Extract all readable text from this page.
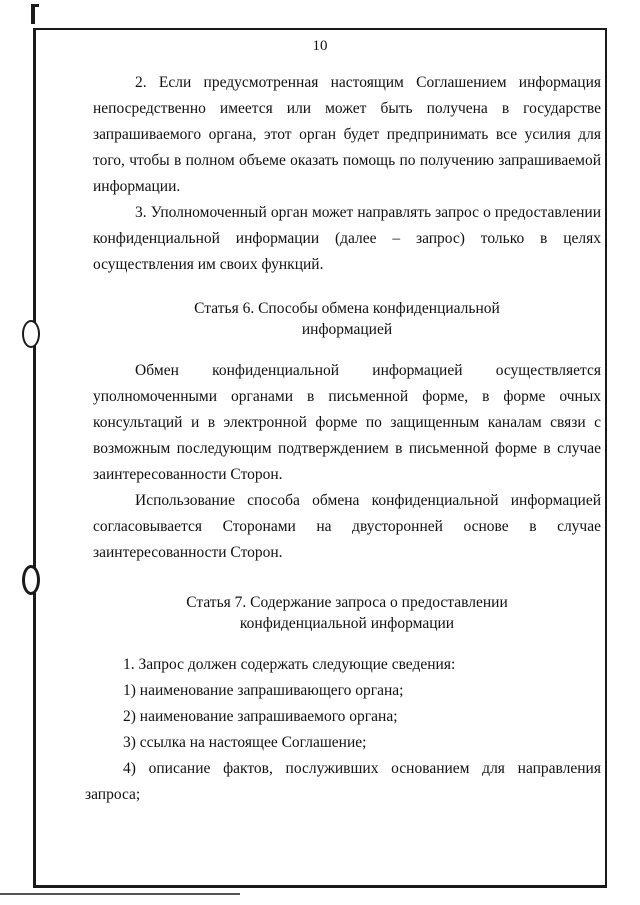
10

2. Если предусмотренная настоящим Соглашением информация непосредственно имеется или может быть получена в государстве запрашиваемого органа, этот орган будет предпринимать все усилия для того, чтобы в полном объеме оказать помощь по получению запрашиваемой информации.

3. Уполномоченный орган может направлять запрос о предоставлении конфиденциальной информации (далее – запрос) только в целях осуществления им своих функций.

Статья 6. Способы обмена конфиденциальной информацией

Обмен конфиденциальной информацией осуществляется уполномоченными органами в письменной форме, в форме очных консультаций и в электронной форме по защищенным каналам связи с возможным последующим подтверждением в письменной форме в случае заинтересованности Сторон.

Использование способа обмена конфиденциальной информацией согласовывается Сторонами на двусторонней основе в случае заинтересованности Сторон.

Статья 7. Содержание запроса о предоставлении конфиденциальной информации

1. Запрос должен содержать следующие сведения:

1) наименование запрашивающего органа;

2) наименование запрашиваемого органа;

3) ссылка на настоящее Соглашение;

4) описание фактов, послуживших основанием для направления запроса;
